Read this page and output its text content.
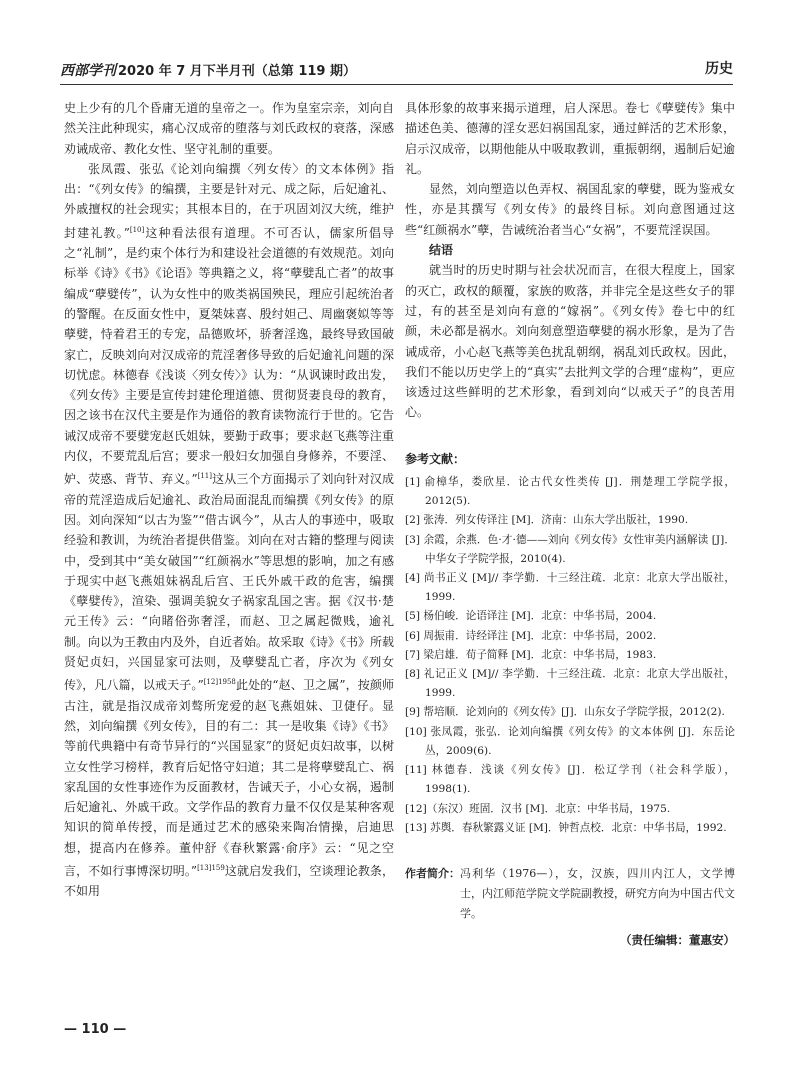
西部学刊 2020 年 7 月下半月刊（总第 119 期）	历史

史上少有的几个昏庸无道的皇帝之一。作为皇室宗亲，刘向自然关注此种现实，痛心汉成帝的堕落与刘氏政权的衰落，深感劝诫成帝、教化女性、坚守礼制的重要。

张凤霞、张弘《论刘向编撰〈列女传〉的文本体例》指出：“《列女传》的编撰，主要是针对元、成之际，后妃逾礼、外戚擅权的社会现实；其根本目的，在于巩固刘汉大统，维护封建礼教。”[10]这种看法很有道理。不可否认，儒家所倡导之“礼制”，是约束个体行为和建设社会道德的有效规范。刘向标举《诗》《书》《论语》等典籍之义，将“孽嬖乱亡者”的故事编成“孽嬖传”，认为女性中的败类祸国殃民，理应引起统治者的警醒。在反面女性中，夏桀妹喜、殷纣妲己、周幽褒姒等等孽嬖，恃着君王的专宠，品德败坏，骄奢淫逸，最终导致国破家亡，反映刘向对汉成帝的荒淫奢侈导致的后妃逾礼问题的深切忧虑。林德春《浅谈〈列女传〉》认为：“从讽谏时政出发，《列女传》主要是宣传封建伦理道德、贯彻贤妻良母的教育，因之该书在汉代主要是作为通俗的教育读物流行于世的。它告诫汉成帝不要嬖宠赵氏姐妹，要勤于政事；要求赵飞燕等注重内仪，不要荒乱后宫；要求一般妇女加强自身修养，不要淫、妒、荧惑、背节、弃义。”[11]这从三个方面揭示了刘向针对汉成帝的荒淫造成后妃逾礼、政治局面混乱而编撰《列女传》的原因。刘向深知“以古为鉴”“借古讽今”，从古人的事迹中，吸取经验和教训，为统治者提供借鉴。刘向在对古籍的整理与阅读中，受到其中“美女破国”“红颜祸水”等思想的影响，加之有感于现实中赵飞燕姐妹祸乱后宫、王氏外戚干政的危害，编撰《孽嬖传》，渲染、强调美貌女子祸家乱国之害。据《汉书·楚元王传》云：“向睹俗弥奢淫，而赵、卫之属起微贱，逾礼制。向以为王教由内及外，自近者始。故采取《诗》《书》所载贤妃贞妇，兴国显家可法则，及孽嬖乱亡者，序次为《列女传》，凡八篇，以戒天子。”$^{[12]1958}$此处的“赵、卫之属”，按颜师古注，就是指汉成帝刘骜所宠爱的赵飞燕姐妹、卫倢仔。显然，刘向编撰《列女传》，目的有二：其一是收集《诗》《书》等前代典籍中有奇节异行的“兴国显家”的贤妃贞妇故事，以树立女性学习榜样，教育后妃恪守妇道；其二是将孽嬖乱亡、祸家乱国的女性事迹作为反面教材，告诫天子，小心女祸，遏制后妃逾礼、外戚干政。文学作品的教育力量不仅仅是某种客观知识的简单传授，而是通过艺术的感染来陶冶情操，启迪思想，提高内在修养。董仲舒《春秋繁露·俞序》云：“见之空言，不如行事博深切明。”$^{[13]159}$这就启发我们，空谈理论教条，不如用

具体形象的故事来揭示道理，启人深思。卷七《孽嬖传》集中描述色美、德薄的淫女恶妇祸国乱家，通过鲜活的艺术形象，启示汉成帝，以期他能从中吸取教训，重振朝纲，遏制后妃逾礼。

显然，刘向塑造以色弄权、祸国乱家的孽嬖，既为鉴戒女性，亦是其撰写《列女传》的最终目标。刘向意图通过这些“红颜祸水”孽，告诫统治者当心“女祸”，不要荒淫误国。

结语

就当时的历史时期与社会状况而言，在很大程度上，国家的灭亡，政权的颠覆，家族的败落，并非完全是这些女子的罪过，有的甚至是刘向有意的“嫁祸”。《列女传》卷七中的红颜，未必都是祸水。刘向刻意塑造孽嬖的祸水形象，是为了告诫成帝，小心赵飞燕等美色扰乱朝纲，祸乱刘氏政权。因此，我们不能以历史学上的“真实”去批判文学的合理“虚构”，更应该透过这些鲜明的艺术形象，看到刘向“以戒天子”的良苦用心。

参考文献：
[1] 俞樟华，娄欣星．论古代女性类传 [J]．荆楚理工学院学报，2012(5).
[2] 张涛．列女传译注 [M]．济南：山东大学出版社，1990.
[3] 余霞，余燕．色·才·德——刘向《列女传》女性审美内涵解读 [J]．中华女子学院学报，2010(4).
[4] 尚书正义 [M]// 李学勤．十三经注疏．北京：北京大学出版社，1999.
[5] 杨伯峻．论语译注 [M]．北京：中华书局，2004.
[6] 周振甫．诗经译注 [M]．北京：中华书局，2002.
[7] 梁启雄．荀子简释 [M]．北京：中华书局，1983.
[8] 礼记正义 [M]// 李学勤．十三经注疏．北京：北京大学出版社，1999.
[9] 帮培顺．论刘向的《列女传》[J]．山东女子学院学报，2012(2).
[10] 张凤霞，张弘．论刘向编撰《列女传》的文本体例 [J]．东岳论丛，2009(6).
[11] 林德春．浅谈《列女传》[J]．松辽学刊（社会科学版），1998(1).
[12]（东汉）班固．汉书 [M]．北京：中华书局，1975.
[13] 苏舆．春秋繁露义证 [M]．钟哲点校．北京：中华书局，1992.
作者简介： 冯利华（1976—），女，汉族，四川内江人，文学博士，内江师范学院文学院副教授，研究方向为中国古代文学。
（责任编辑：董惠安）
— 110 —
